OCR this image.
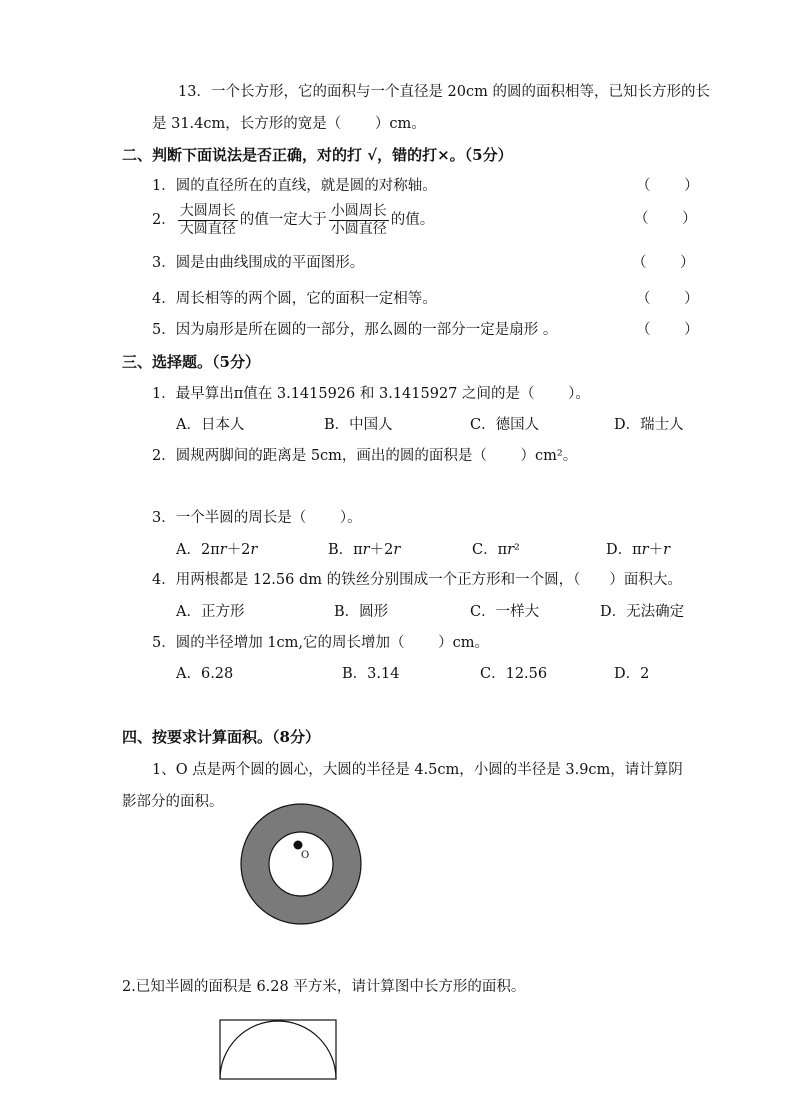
13．一个长方形，它的面积与一个直径是 20cm 的圆的面积相等，已知长方形的长
是 31.4cm，长方形的宽是（　　 ）cm。
二、判断下面说法是否正确，对的打 √，错的打×。（5分）
1．圆的直径所在的直线，就是圆的对称轴。	（　　 ）
2． $\frac{\text{大圆周长}}{\text{大圆直径}}$ 的值一定大于 $\frac{\text{小圆周长}}{\text{小圆直径}}$ 的值。	（　　 ）
3．圆是由曲线围成的平面图形。	（　　 ）
4．周长相等的两个圆，它的面积一定相等。	（　　 ）
5．因为扇形是所在圆的一部分，那么圆的一部分一定是扇形 。	（　　 ）
三、选择题。（5分）
1．最早算出π值在 3.1415926 和 3.1415927 之间的是（　　 ）。
A．日本人	B．中国人	C．德国人	D．瑞士人
2．圆规两脚间的距离是 5cm，画出的圆的面积是（　　 ）cm²。
3．一个半圆的周长是（　　 ）。
A．2π𝑟＋2𝑟	B．π𝑟＋2𝑟	C．π𝑟²	D．π𝑟＋𝑟
4．用两根都是 12.56 dm 的铁丝分别围成一个正方形和一个圆，（　　）面积大。
A．正方形	B．圆形	C．一样大	D．无法确定
5．圆的半径增加 1cm,它的周长增加（　　 ）cm。
A．6.28	B．3.14	C．12.56	D．2
四、按要求计算面积。（8分）
1、O 点是两个圆的圆心，大圆的半径是 4.5cm，小圆的半径是 3.9cm，请计算阴
影部分的面积。
O
2.已知半圆的面积是 6.28 平方米，请计算图中长方形的面积。
